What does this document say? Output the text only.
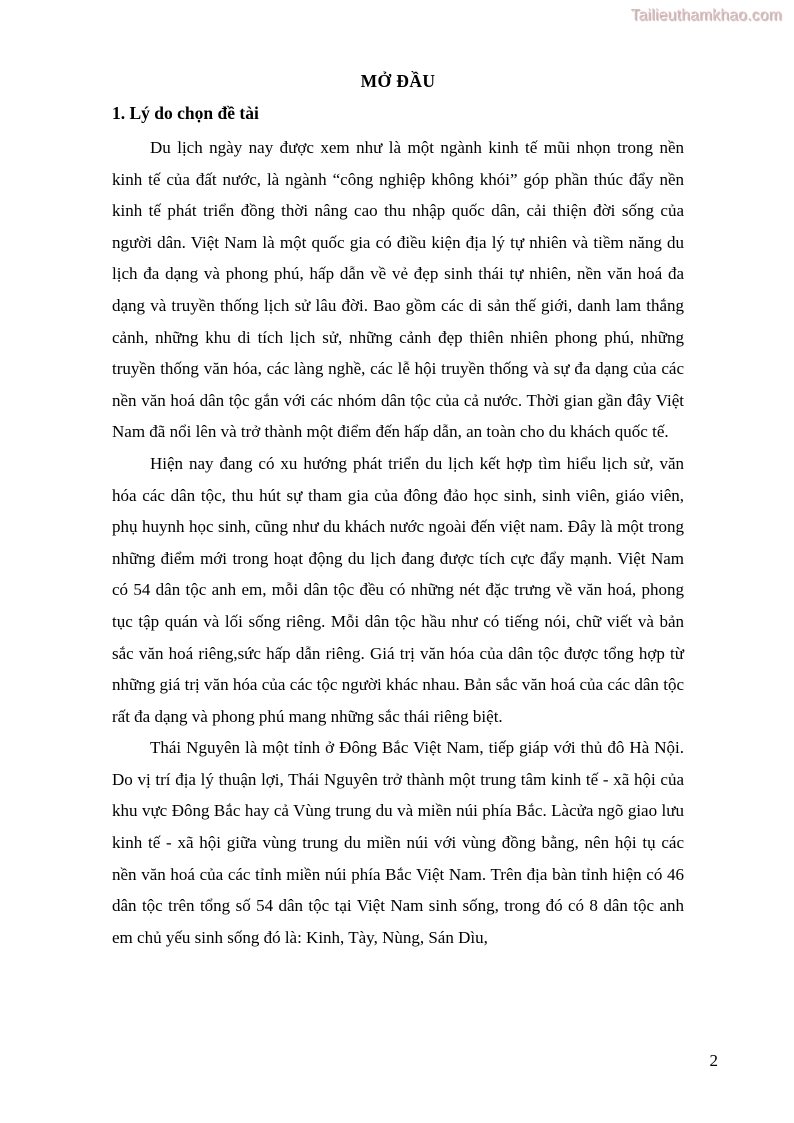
Tailieuthamkhao.com
MỞ ĐẦU
1. Lý do chọn đề tài

Du lịch ngày nay được xem như là một ngành kinh tế mũi nhọn trong nền kinh tế của đất nước, là ngành “công nghiệp không khói” góp phần thúc đẩy nền kinh tế phát triển đồng thời nâng cao thu nhập quốc dân, cải thiện đời sống của người dân. Việt Nam là một quốc gia có điều kiện địa lý tự nhiên và tiềm năng du lịch đa dạng và phong phú, hấp dẫn về vẻ đẹp sinh thái tự nhiên, nền văn hoá đa dạng và truyền thống lịch sử lâu đời. Bao gồm các di sản thế giới, danh lam thắng cảnh, những khu di tích lịch sử, những cảnh đẹp thiên nhiên phong phú, những truyền thống văn hóa, các làng nghề, các lễ hội truyền thống và sự đa dạng của các nền văn hoá dân tộc gắn với các nhóm dân tộc của cả nước. Thời gian gần đây Việt Nam đã nổi lên và trở thành một điểm đến hấp dẫn, an toàn cho du khách quốc tế.

Hiện nay đang có xu hướng phát triển du lịch kết hợp tìm hiểu lịch sử, văn hóa các dân tộc, thu hút sự tham gia của đông đảo học sinh, sinh viên, giáo viên, phụ huynh học sinh, cũng như du khách nước ngoài đến việt nam. Đây là một trong những điểm mới trong hoạt động du lịch đang được tích cực đẩy mạnh. Việt Nam có 54 dân tộc anh em, mỗi dân tộc đều có những nét đặc trưng về văn hoá, phong tục tập quán và lối sống riêng. Mỗi dân tộc hầu như có tiếng nói, chữ viết và bản sắc văn hoá riêng,sức hấp dẫn riêng. Giá trị văn hóa của dân tộc được tổng hợp từ những giá trị văn hóa của các tộc người khác nhau. Bản sắc văn hoá của các dân tộc rất đa dạng và phong phú mang những sắc thái riêng biệt.

Thái Nguyên là một tỉnh ở Đông Bắc Việt Nam, tiếp giáp với thủ đô Hà Nội. Do vị trí địa lý thuận lợi, Thái Nguyên trở thành một trung tâm kinh tế - xã hội của khu vực Đông Bắc hay cả Vùng trung du và miền núi phía Bắc. Làcửa ngõ giao lưu kinh tế - xã hội giữa vùng trung du miền núi với vùng đồng bằng, nên hội tụ các nền văn hoá của các tỉnh miền núi phía Bắc Việt Nam. Trên địa bàn tỉnh hiện có 46 dân tộc trên tổng số 54 dân tộc tại Việt Nam sinh sống, trong đó có 8 dân tộc anh em chủ yếu sinh sống đó là: Kinh, Tày, Nùng, Sán Dìu,

2
